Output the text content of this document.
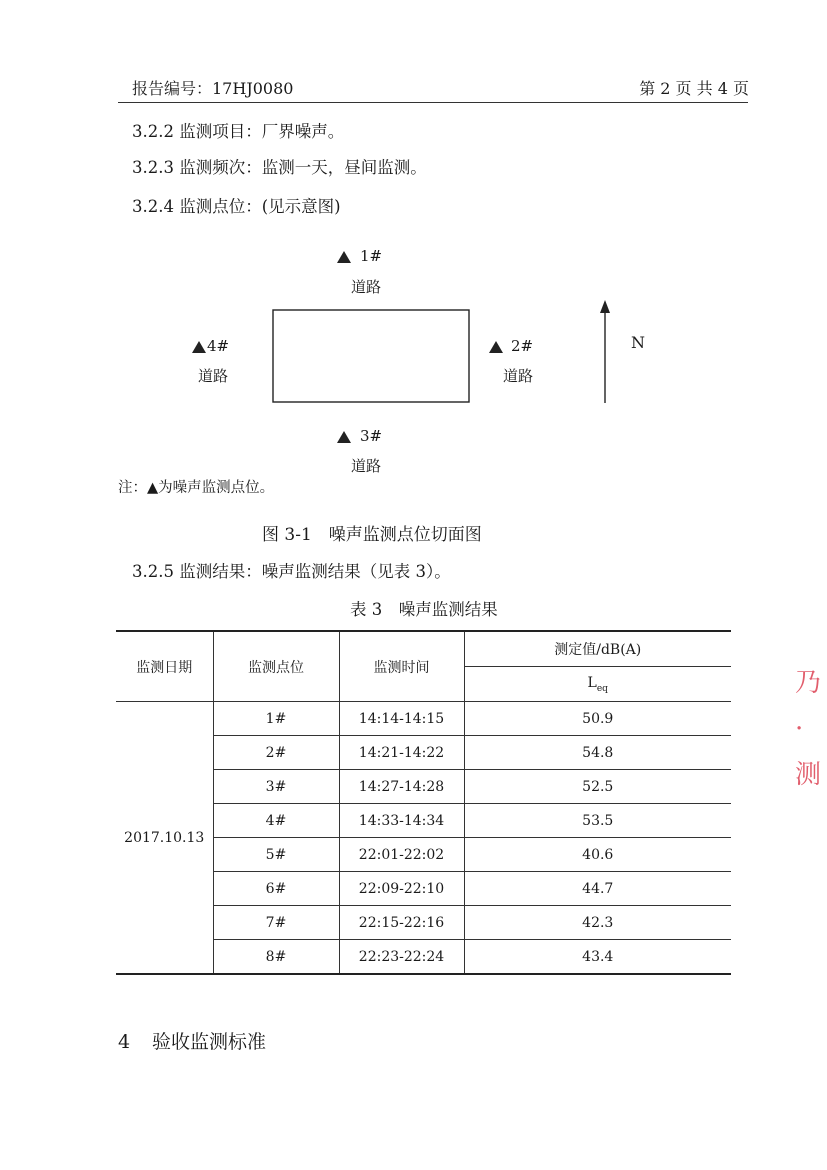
报告编号：17HJ0080	第 2 页 共 4 页
3.2.2 监测项目：厂界噪声。
3.2.3 监测频次：监测一天，昼间监测。
3.2.4 监测点位：(见示意图)
1#
道路
2#
道路
3#
道路
4#
道路
N
注：▲为噪声监测点位。
图 3-1　噪声监测点位切面图
3.2.5 监测结果：噪声监测结果（见表 3）。
表 3　噪声监测结果
监测日期	监测点位	监测时间	测定值/dB(A)
			$L_{eq}$
2017.10.13	1#	14:14-14:15	50.9
	2#	14:21-14:22	54.8
	3#	14:27-14:28	52.5
	4#	14:33-14:34	53.5
	5#	22:01-22:02	40.6
	6#	22:09-22:10	44.7
	7#	22:15-22:16	42.3
	8#	22:23-22:24	43.4
4 验收监测标准
乃
·
测
